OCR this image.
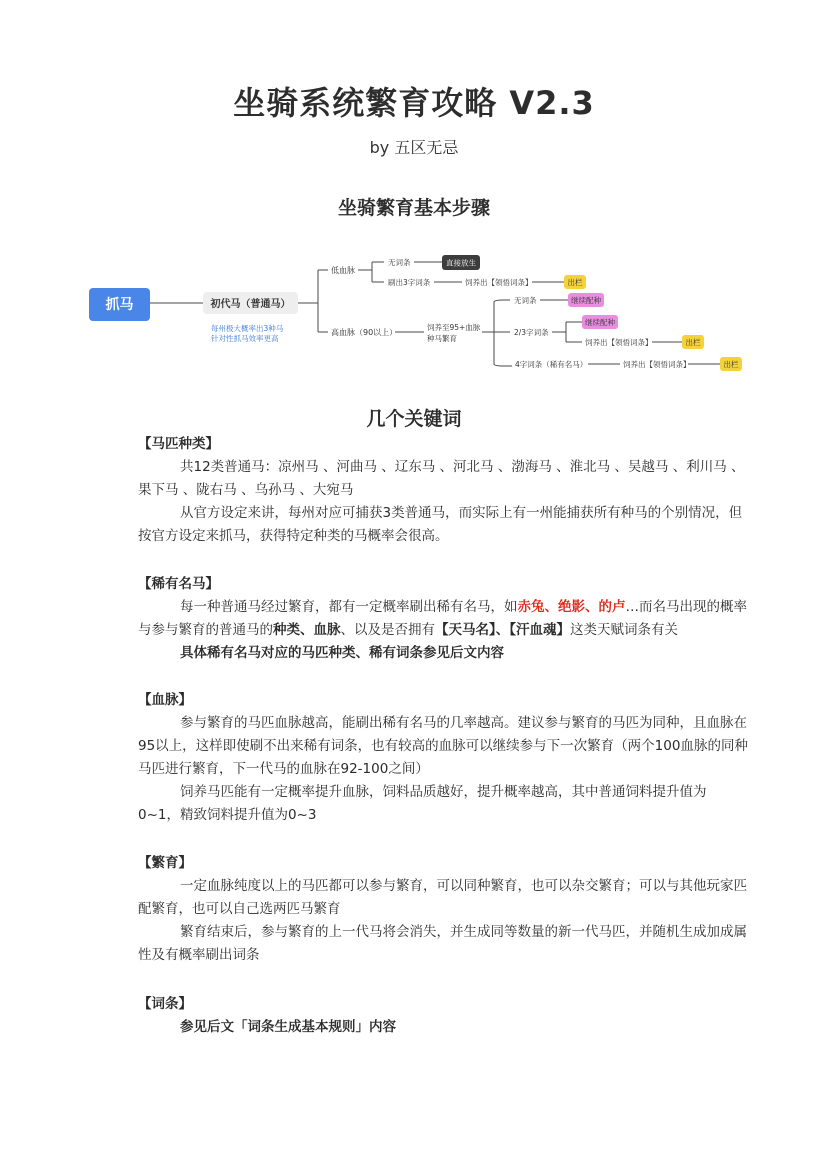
坐骑系统繁育攻略 V2.3
by 五区无忌
坐骑繁育基本步骤
抓马	初代马（普通马）
每州极大概率出3种马
针对性抓马效率更高
低血脉
无词条	直接放生
刷出3字词条	饲养出【领悟词条】	出栏
高血脉（90以上）
饲养至95+血脉
种马繁育
无词条	继续配种
2/3字词条
继续配种
饲养出【领悟词条】	出栏
4字词条（稀有名马）	饲养出【领悟词条】	出栏
几个关键词
【马匹种类】

共12类普通马：凉州马 、河曲马 、辽东马 、河北马 、渤海马 、淮北马 、吴越马 、利川马 、果下马 、陇右马 、乌孙马 、大宛马

从官方设定来讲，每州对应可捕获3类普通马，而实际上有一州能捕获所有种马的个别情况，但按官方设定来抓马，获得特定种类的马概率会很高。

【稀有名马】

每一种普通马经过繁育，都有一定概率刷出稀有名马，如赤兔、绝影、的卢…而名马出现的概率与参与繁育的普通马的种类、血脉、以及是否拥有【天马名】、【汗血魂】这类天赋词条有关

具体稀有名马对应的马匹种类、稀有词条参见后文内容

【血脉】

参与繁育的马匹血脉越高，能刷出稀有名马的几率越高。建议参与繁育的马匹为同种，且血脉在95以上，这样即使刷不出来稀有词条，也有较高的血脉可以继续参与下一次繁育（两个100血脉的同种马匹进行繁育，下一代马的血脉在92-100之间）

饲养马匹能有一定概率提升血脉，饲料品质越好，提升概率越高，其中普通饲料提升值为

0~1，精致饲料提升值为0~3

【繁育】

一定血脉纯度以上的马匹都可以参与繁育，可以同种繁育，也可以杂交繁育；可以与其他玩家匹配繁育，也可以自己选两匹马繁育

繁育结束后，参与繁育的上一代马将会消失，并生成同等数量的新一代马匹，并随机生成加成属性及有概率刷出词条

【词条】

参见后文「词条生成基本规则」内容
